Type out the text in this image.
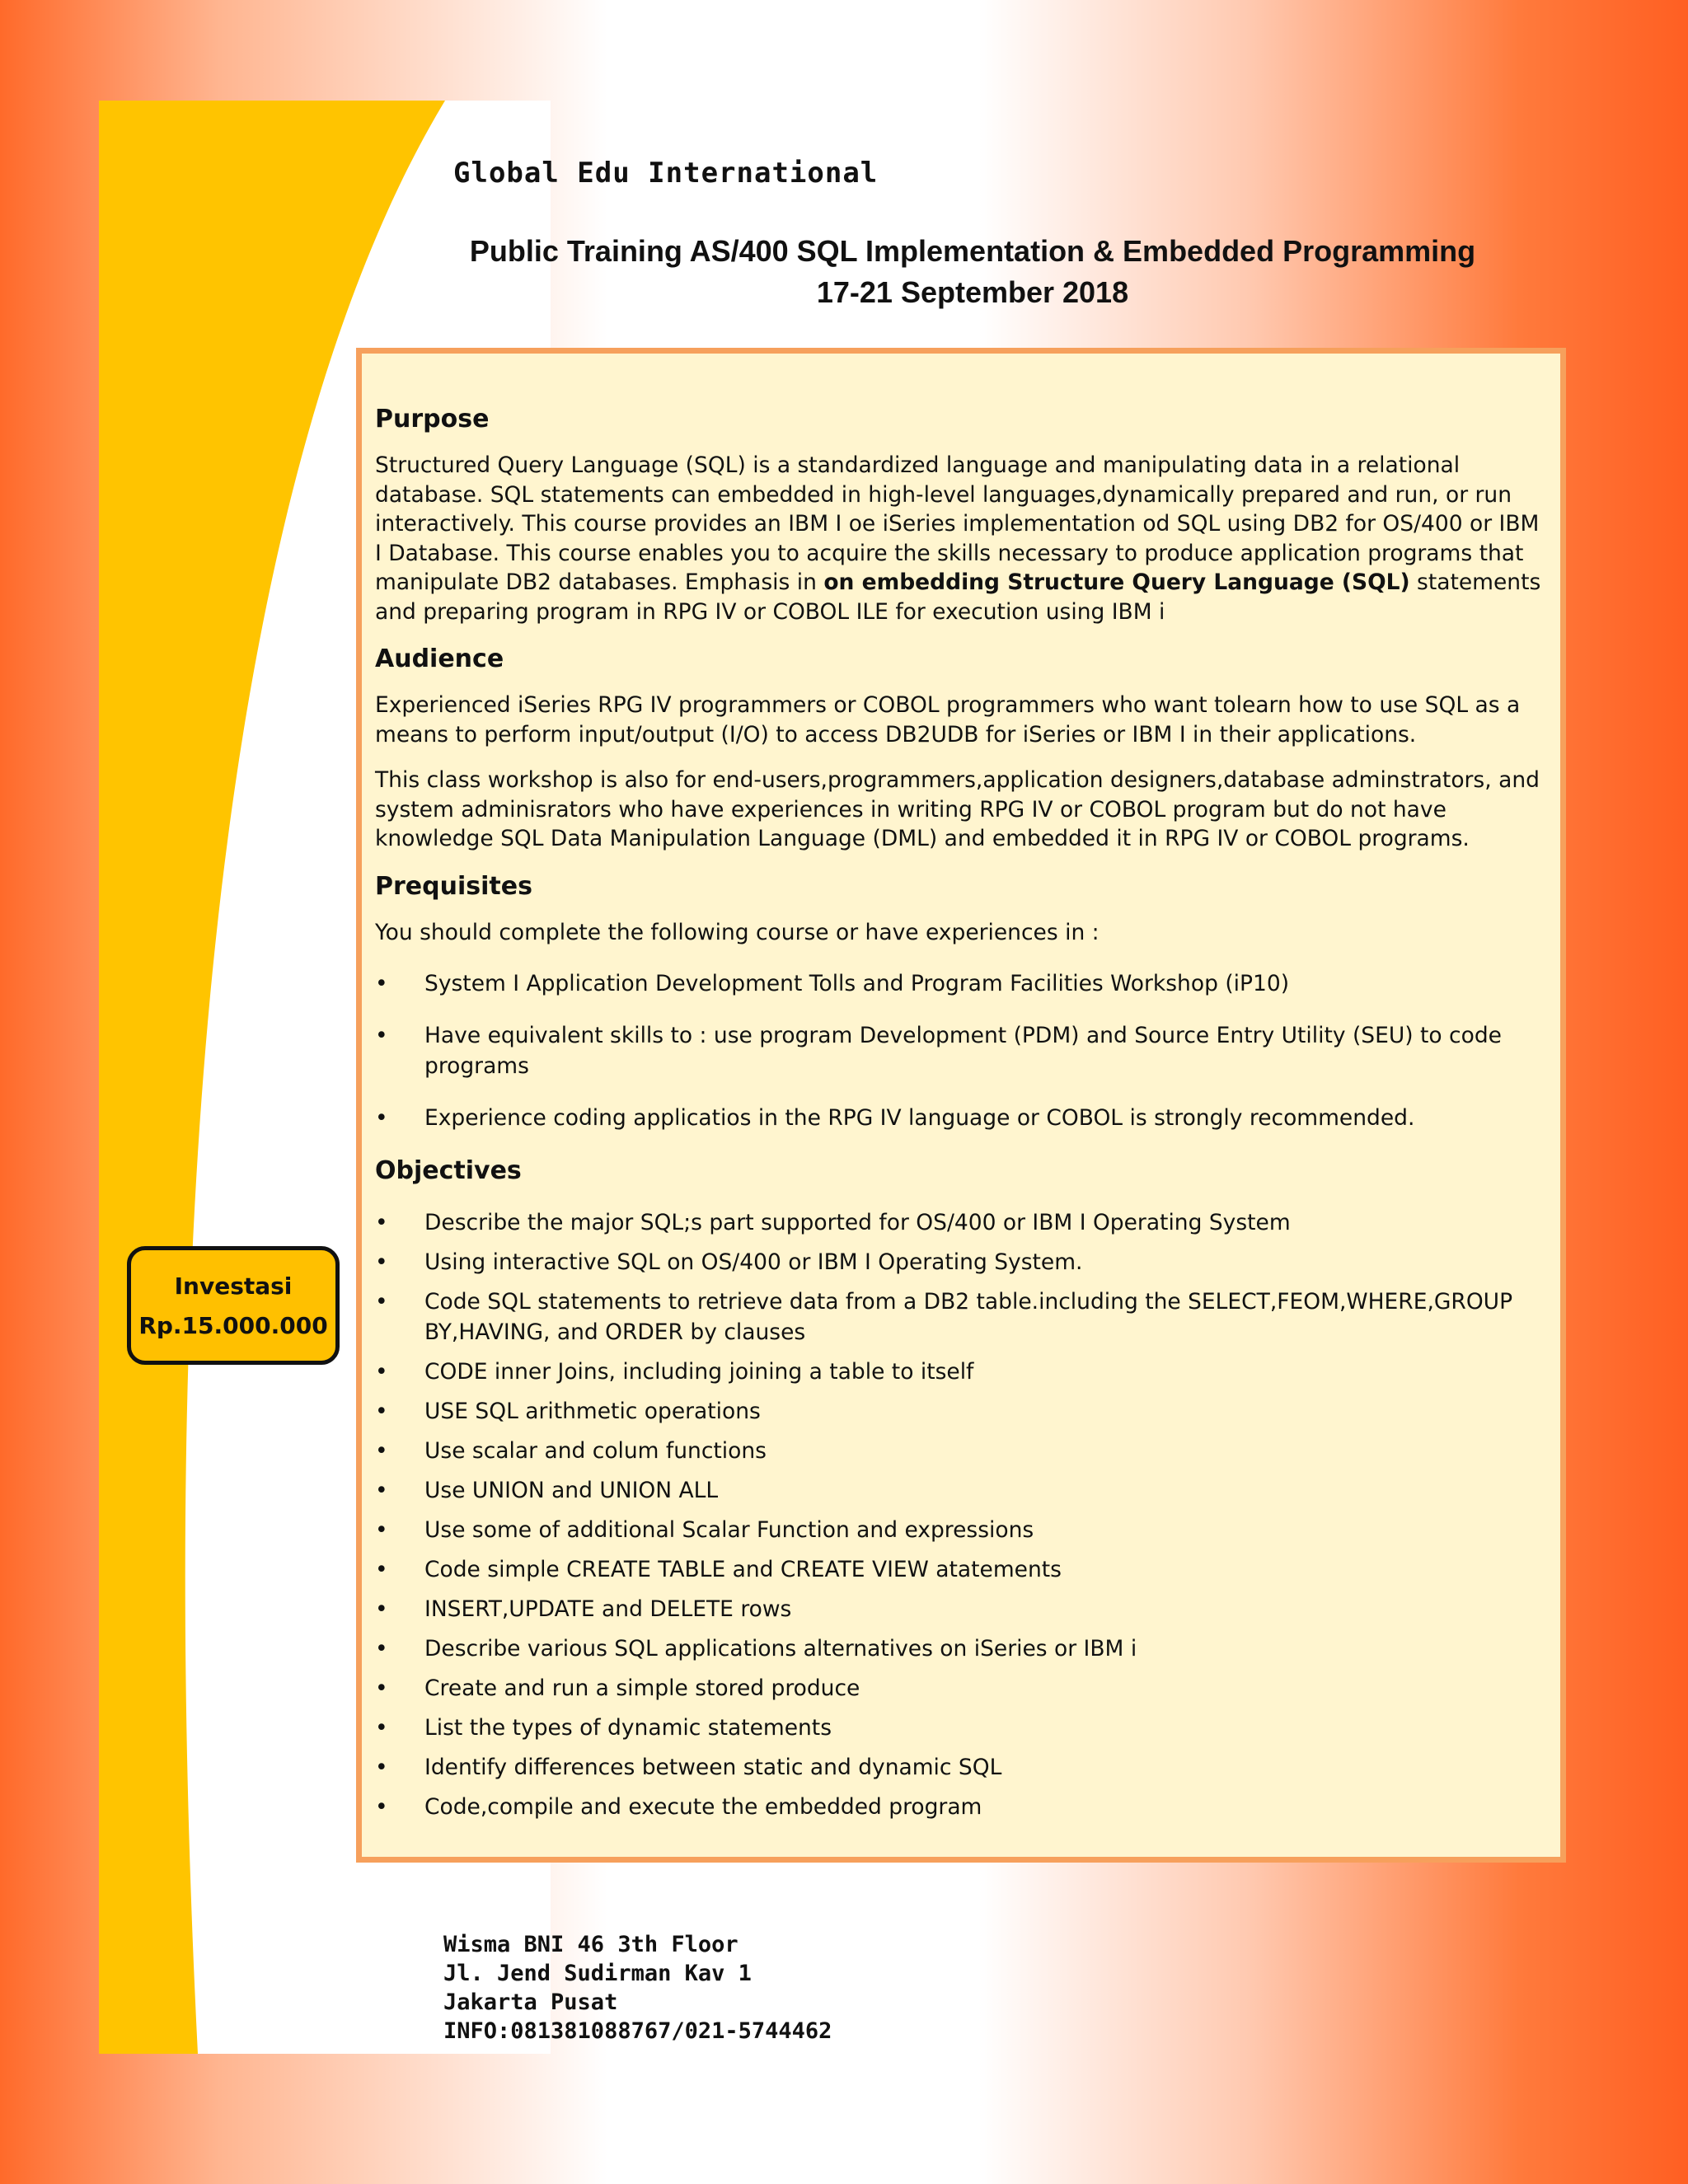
Global Edu International

Public Training AS/400 SQL Implementation & Embedded Programming
17-21 September 2018
Purpose

Structured Query Language (SQL) is a standardized language and manipulating data in a relational database. SQL statements can embedded in high-level languages,dynamically prepared and run, or run interactively. This course provides an IBM I oe iSeries implementation od SQL using DB2 for OS/400 or IBM I Database. This course enables you to acquire the skills necessary to produce application programs that manipulate DB2 databases. Emphasis in on embedding Structure Query Language (SQL) statements and preparing program in RPG IV or COBOL ILE for execution using IBM i

Audience

Experienced iSeries RPG IV programmers or COBOL programmers who want tolearn how to use SQL as a means to perform input/output (I/O) to access DB2UDB for iSeries or IBM I in their applications.

This class workshop is also for end-users,programmers,application designers,database adminstrators, and system adminisrators who have experiences in writing RPG IV or COBOL program but do not have knowledge SQL Data Manipulation Language (DML) and embedded it in RPG IV or COBOL programs.

Prequisites

You should complete the following course or have experiences in :

•	System I Application Development Tolls and Program Facilities Workshop (iP10)
•	Have equivalent skills to : use program Development (PDM) and Source Entry Utility (SEU) to code programs
•	Experience coding applicatios in the RPG IV language or COBOL is strongly recommended.
Objectives
•	Describe the major SQL;s part supported for OS/400 or IBM I Operating System
•	Using interactive SQL on OS/400 or IBM I Operating System.
•	Code SQL statements to retrieve data from a DB2 table.including the SELECT,FEOM,WHERE,GROUP BY,HAVING, and ORDER by clauses
•	CODE inner Joins, including joining a table to itself
•	USE SQL arithmetic operations
•	Use scalar and colum functions
•	Use UNION and UNION ALL
•	Use some of additional Scalar Function and expressions
•	Code simple CREATE TABLE and CREATE VIEW atatements
•	INSERT,UPDATE and DELETE rows
•	Describe various SQL applications alternatives on iSeries or IBM i
•	Create and run a simple stored produce
•	List the types of dynamic statements
•	Identify differences between static and dynamic SQL
•	Code,compile and execute the embedded program
Investasi
Rp.15.000.000
Wisma BNI 46 3th Floor
Jl. Jend Sudirman Kav 1
Jakarta Pusat
INFO:081381088767/021-5744462
